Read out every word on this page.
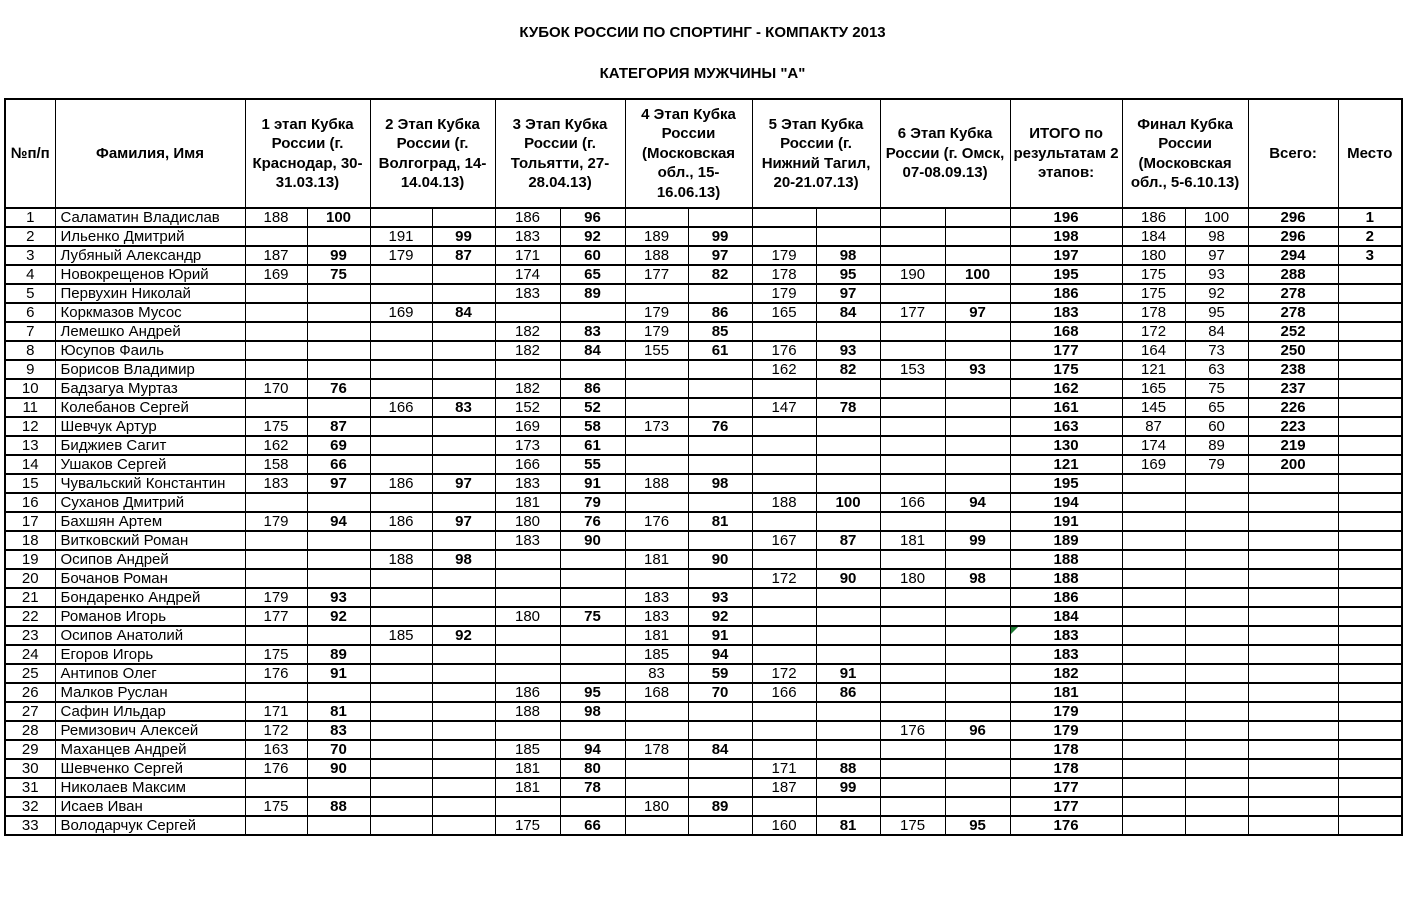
КУБОК РОССИИ ПО СПОРТИНГ - КОМПАКТУ 2013
КАТЕГОРИЯ МУЖЧИНЫ "А"
№п/п	Фамилия, Имя	1 этап Кубка России (г. Краснодар, 30-31.03.13)		2 Этап Кубка России (г. Волгоград, 14-14.04.13)		3 Этап Кубка России (г. Тольятти, 27-28.04.13)		4 Этап Кубка России (Московская обл., 15-16.06.13)		5 Этап Кубка России (г. Нижний Тагил, 20-21.07.13)		6 Этап Кубка России (г. Омск, 07-08.09.13)		ИТОГО по результатам 2 этапов:	Финал Кубка России (Московская обл., 5-6.10.13)		Всего:	Место
1	Саламатин Владислав	188	100			186	96							196	186	100	296	1
2	Ильенко Дмитрий			191	99	183	92	189	99					198	184	98	296	2
3	Лубяный Александр	187	99	179	87	171	60	188	97	179	98			197	180	97	294	3
4	Новокрещенов Юрий	169	75			174	65	177	82	178	95	190	100	195	175	93	288	
5	Первухин Николай					183	89			179	97			186	175	92	278	
6	Коркмазов Мусос			169	84			179	86	165	84	177	97	183	178	95	278	
7	Лемешко Андрей					182	83	179	85					168	172	84	252	
8	Юсупов Фаиль					182	84	155	61	176	93			177	164	73	250	
9	Борисов Владимир									162	82	153	93	175	121	63	238	
10	Бадзагуа Муртаз	170	76			182	86							162	165	75	237	
11	Колебанов Сергей			166	83	152	52			147	78			161	145	65	226	
12	Шевчук Артур	175	87			169	58	173	76					163	87	60	223	
13	Биджиев Сагит	162	69			173	61							130	174	89	219	
14	Ушаков Сергей	158	66			166	55							121	169	79	200	
15	Чувальский Константин	183	97	186	97	183	91	188	98					195				
16	Суханов Дмитрий					181	79			188	100	166	94	194				
17	Бахшян Артем	179	94	186	97	180	76	176	81					191				
18	Витковский Роман					183	90			167	87	181	99	189				
19	Осипов Андрей			188	98			181	90					188				
20	Бочанов Роман									172	90	180	98	188				
21	Бондаренко Андрей	179	93					183	93					186				
22	Романов Игорь	177	92			180	75	183	92					184				
23	Осипов Анатолий			185	92			181	91					183				
24	Егоров Игорь	175	89					185	94					183				
25	Антипов Олег	176	91					83	59	172	91			182				
26	Малков Руслан					186	95	168	70	166	86			181				
27	Сафин Ильдар	171	81			188	98							179				
28	Ремизович Алексей	172	83									176	96	179				
29	Маханцев Андрей	163	70			185	94	178	84					178				
30	Шевченко Сергей	176	90			181	80			171	88			178				
31	Николаев Максим					181	78			187	99			177				
32	Исаев Иван	175	88					180	89					177				
33	Володарчук Сергей					175	66			160	81	175	95	176				
